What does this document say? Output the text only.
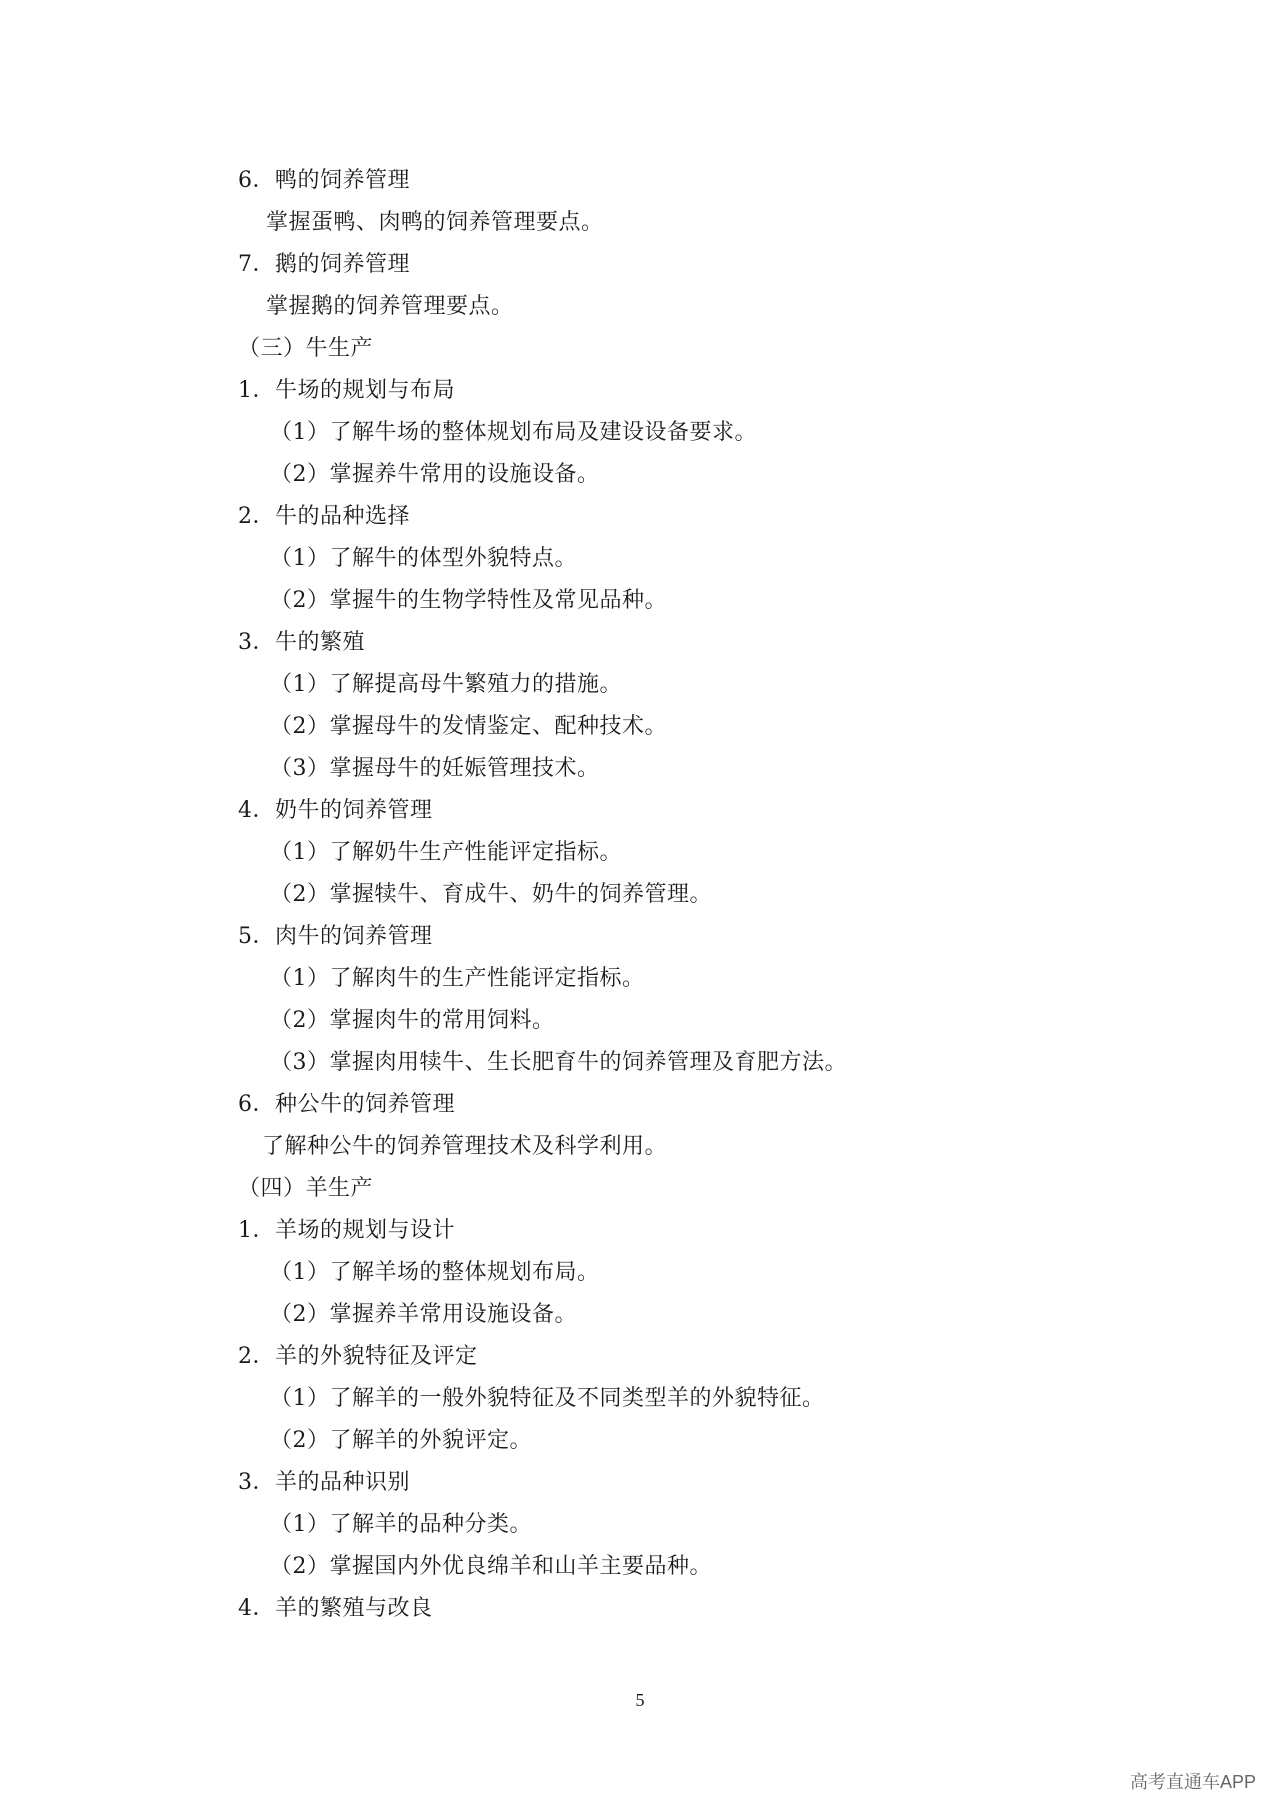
6．鸭的饲养管理
掌握蛋鸭、肉鸭的饲养管理要点。
7．鹅的饲养管理
掌握鹅的饲养管理要点。
（三）牛生产
1．牛场的规划与布局
（1）了解牛场的整体规划布局及建设设备要求。
（2）掌握养牛常用的设施设备。
2．牛的品种选择
（1）了解牛的体型外貌特点。
（2）掌握牛的生物学特性及常见品种。
3．牛的繁殖
（1）了解提高母牛繁殖力的措施。
（2）掌握母牛的发情鉴定、配种技术。
（3）掌握母牛的妊娠管理技术。
4．奶牛的饲养管理
（1）了解奶牛生产性能评定指标。
（2）掌握犊牛、育成牛、奶牛的饲养管理。
5．肉牛的饲养管理
（1）了解肉牛的生产性能评定指标。
（2）掌握肉牛的常用饲料。
（3）掌握肉用犊牛、生长肥育牛的饲养管理及育肥方法。
6．种公牛的饲养管理
了解种公牛的饲养管理技术及科学利用。
（四）羊生产
1．羊场的规划与设计
（1）了解羊场的整体规划布局。
（2）掌握养羊常用设施设备。
2．羊的外貌特征及评定
（1）了解羊的一般外貌特征及不同类型羊的外貌特征。
（2）了解羊的外貌评定。
3．羊的品种识别
（1）了解羊的品种分类。
（2）掌握国内外优良绵羊和山羊主要品种。
4．羊的繁殖与改良
5
高考直通车APP
